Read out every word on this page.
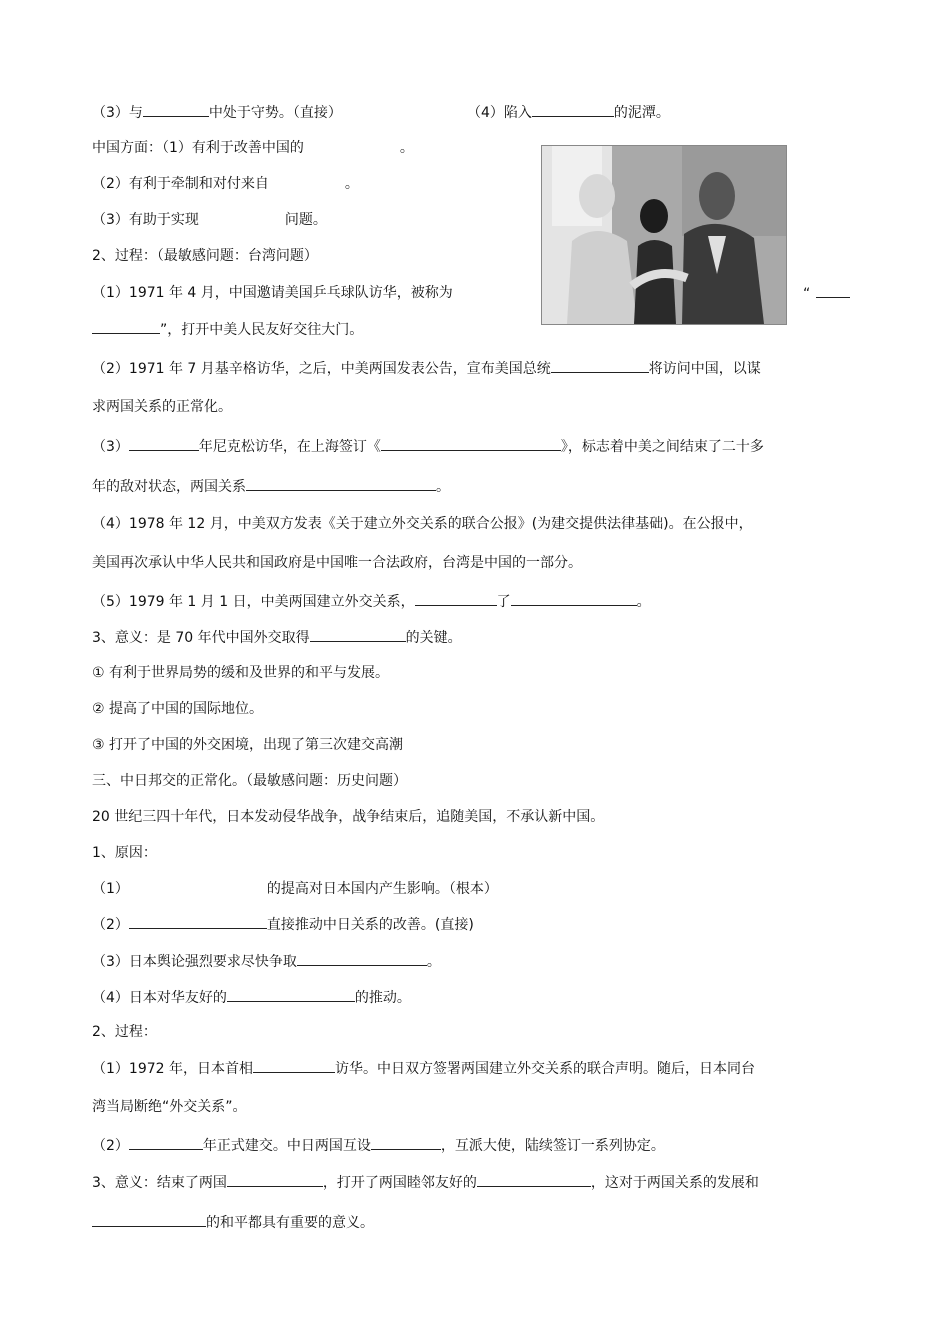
（3）与	中处于守势。（直接）	（4）陷入	的泥潭。
中国方面：（1）有利于改善中国的	。
（2）有利于牵制和对付来自	。
（3）有助于实现	问题。
2、过程：（最敏感问题：台湾问题）
（1）1971 年 4 月，中国邀请美国乒乓球队访华，被称为	“
”，打开中美人民友好交往大门。
（2）1971 年 7 月基辛格访华，之后，中美两国发表公告，宣布美国总统	将访问中国，以谋
求两国关系的正常化。
（3）	年尼克松访华，在上海签订《	》，标志着中美之间结束了二十多
年的敌对状态，两国关系	。
（4）1978 年 12 月，中美双方发表《关于建立外交关系的联合公报》(为建交提供法律基础)。在公报中，
美国再次承认中华人民共和国政府是中国唯一合法政府，台湾是中国的一部分。
（5）1979 年 1 月 1 日，中美两国建立外交关系，	了	。
3、意义：是 70 年代中国外交取得	的关键。
① 有利于世界局势的缓和及世界的和平与发展。
② 提高了中国的国际地位。
③ 打开了中国的外交困境，出现了第三次建交高潮
三、中日邦交的正常化。（最敏感问题：历史问题）
20 世纪三四十年代，日本发动侵华战争，战争结束后，追随美国，不承认新中国。
1、原因：
（1）	的提高对日本国内产生影响。（根本）
（2）	直接推动中日关系的改善。(直接)
（3）日本舆论强烈要求尽快争取	。
（4）日本对华友好的	的推动。
2、过程：
（1）1972 年，日本首相	访华。中日双方签署两国建立外交关系的联合声明。随后，日本同台
湾当局断绝“外交关系”。
（2）	年正式建交。中日两国互设	，互派大使，陆续签订一系列协定。
3、意义：结束了两国	，打开了两国睦邻友好的	，这对于两国关系的发展和
的和平都具有重要的意义。
